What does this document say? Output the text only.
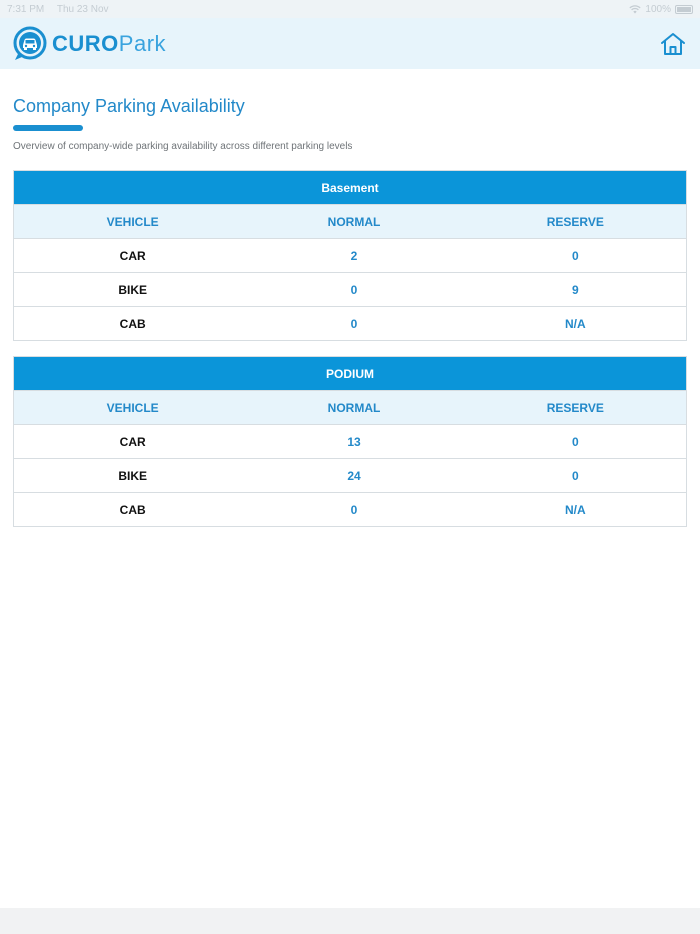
7:31 PM Thu 23 Nov	100%
CUROPark
Company Parking Availability
Overview of company-wide parking availability across different parking levels
Basement
VEHICLE	NORMAL	RESERVE
CAR	2	0
BIKE	0	9
CAB	0	N/A
PODIUM
VEHICLE	NORMAL	RESERVE
CAR	13	0
BIKE	24	0
CAB	0	N/A
